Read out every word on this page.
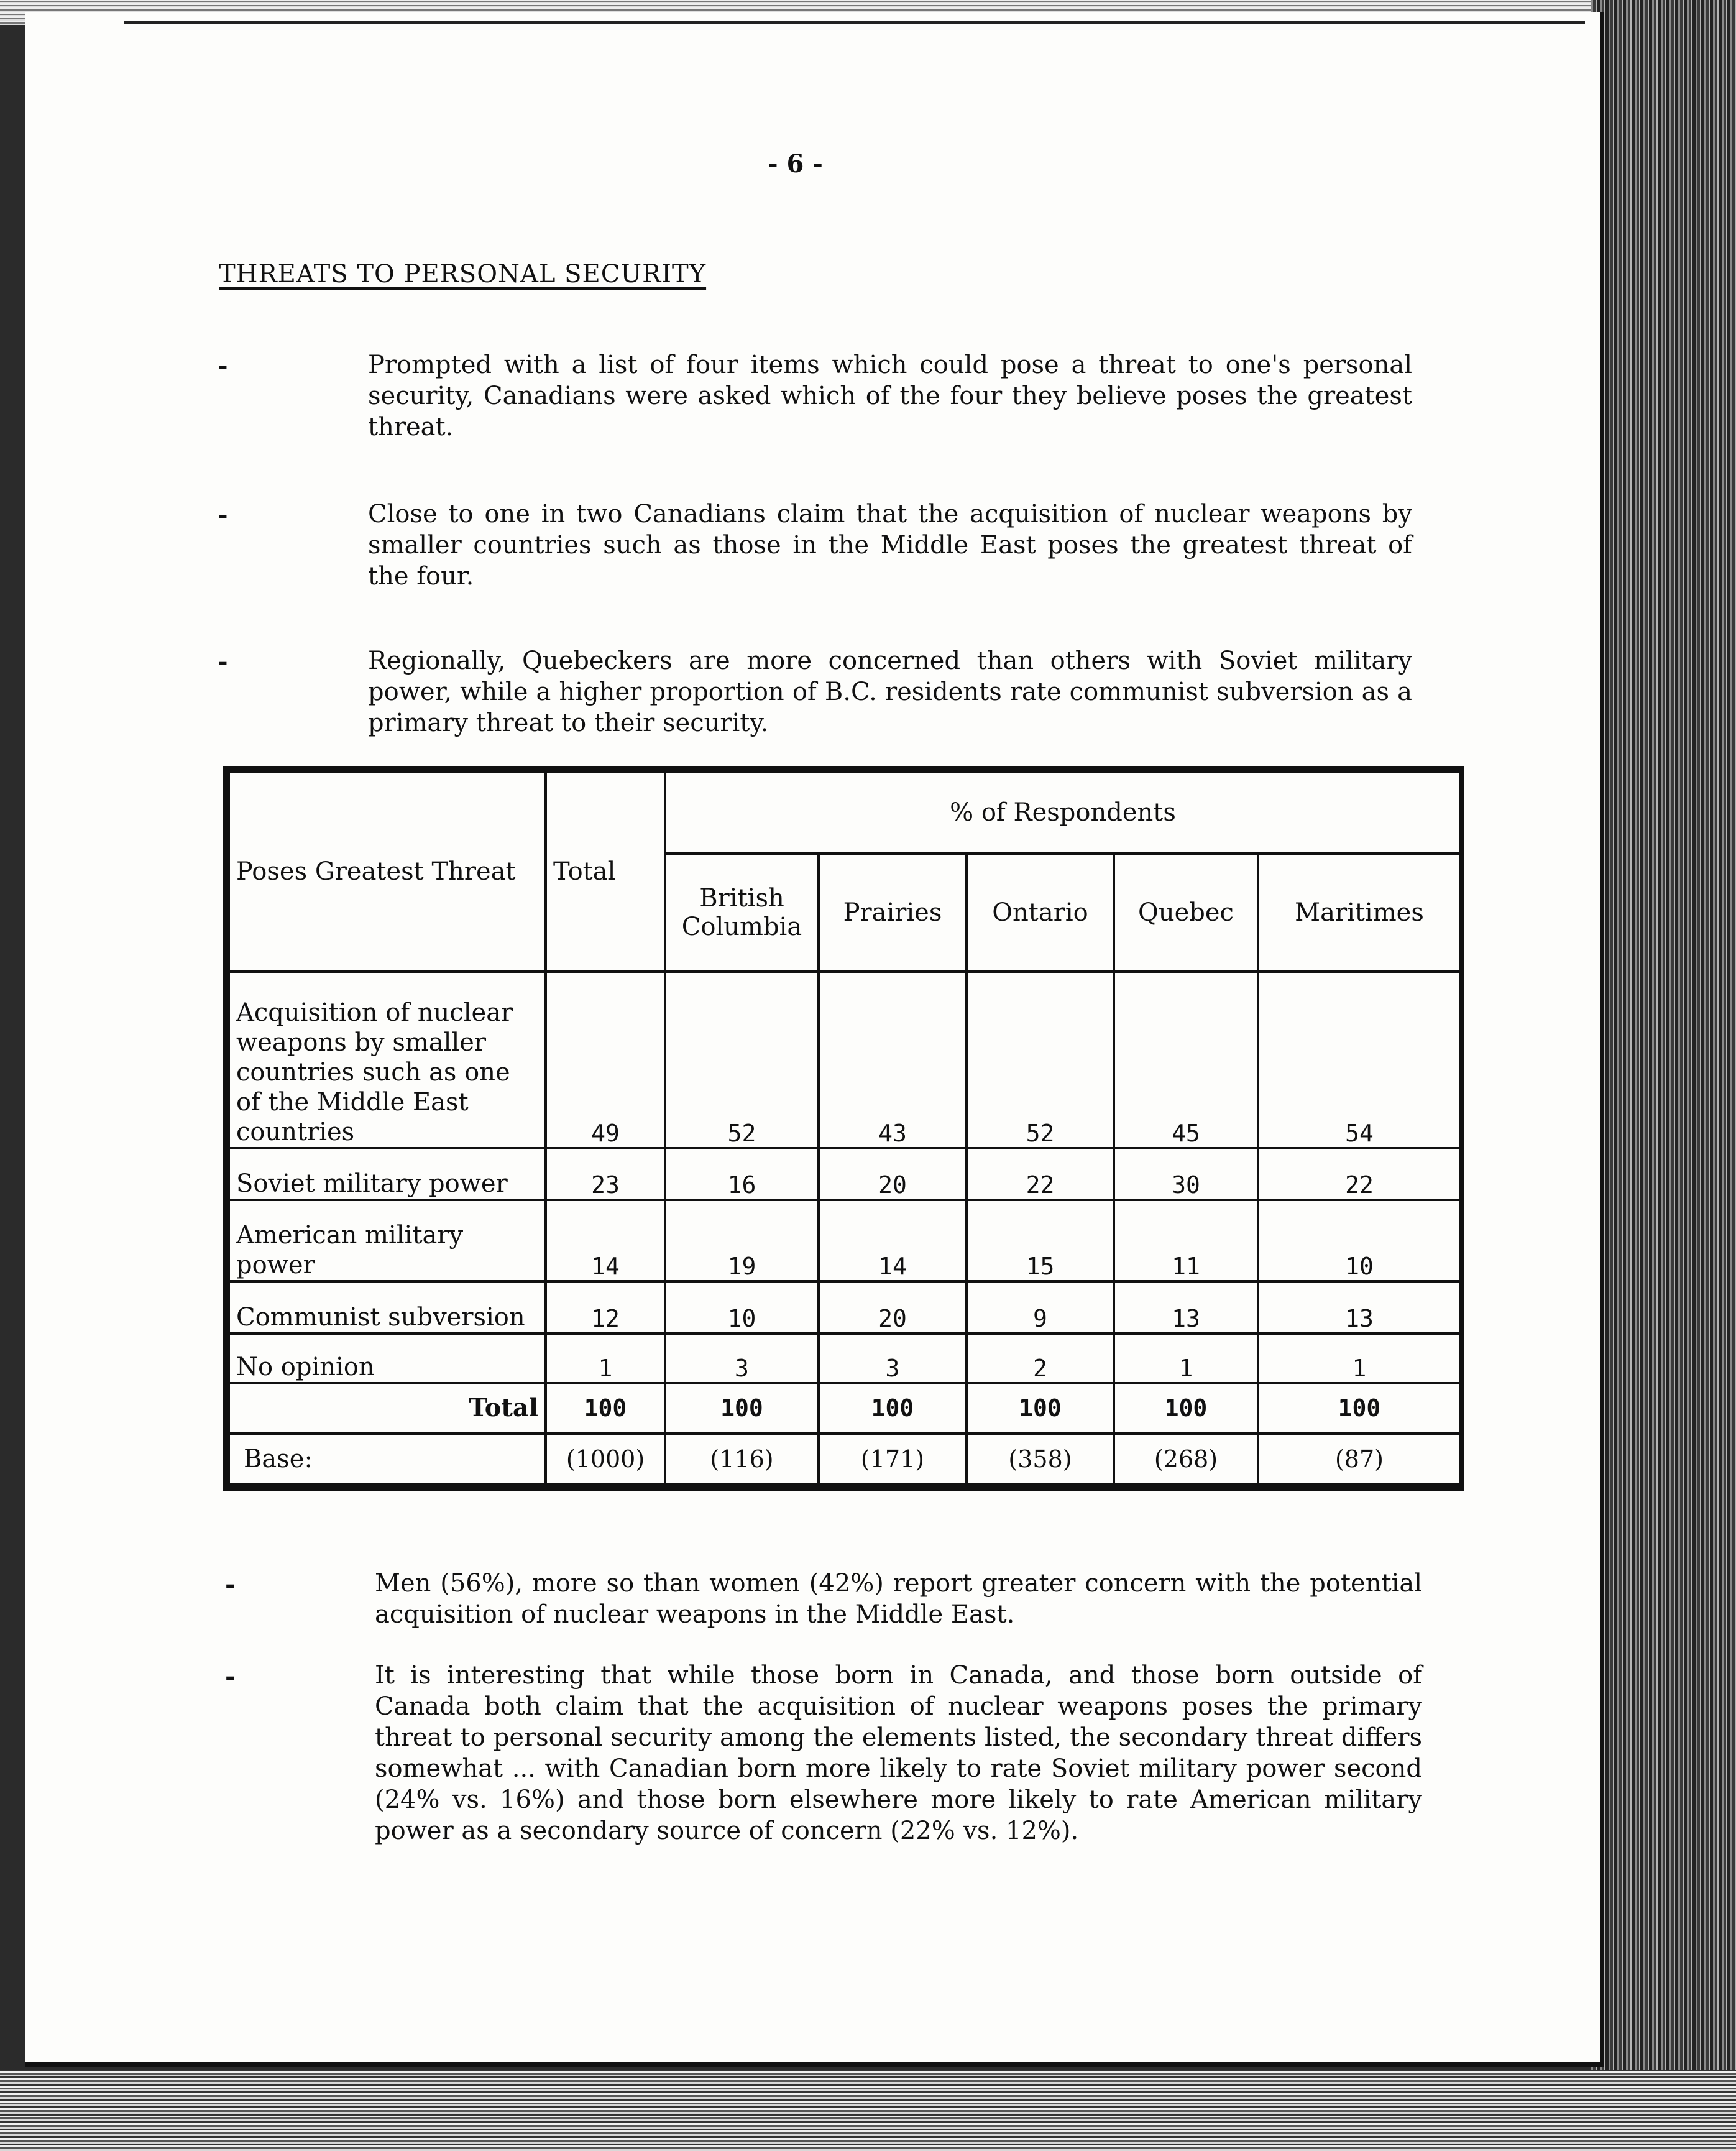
- 6 -
THREATS TO PERSONAL SECURITY
-	Prompted with a list of four items which could pose a threat to one's personal security, Canadians were asked which of the four they believe poses the greatest threat.
-	Close to one in two Canadians claim that the acquisition of nuclear weapons by smaller countries such as those in the Middle East poses the greatest threat of the four.
-	Regionally, Quebeckers are more concerned than others with Soviet military power, while a higher proportion of B.C. residents rate communist subversion as a primary threat to their security.
Poses Greatest Threat	Total	% of Respondents				
		British Columbia	Prairies	Ontario	Quebec	Maritimes
Acquisition of nuclear weapons by smaller countries such as one of the Middle East countries	49	52	43	52	45	54
Soviet military power	23	16	20	22	30	22
American military power	14	19	14	15	11	10
Communist subversion	12	10	20	9	13	13
No opinion	1	3	3	2	1	1
Total	100	100	100	100	100	100
Base:	(1000)	(116)	(171)	(358)	(268)	(87)
-	Men (56%), more so than women (42%) report greater concern with the potential acquisition of nuclear weapons in the Middle East.
-	It is interesting that while those born in Canada, and those born outside of Canada both claim that the acquisition of nuclear weapons poses the primary threat to personal security among the elements listed, the secondary threat differs somewhat ... with Canadian born more likely to rate Soviet military power second (24% vs. 16%) and those born elsewhere more likely to rate American military power as a secondary source of concern (22% vs. 12%).
